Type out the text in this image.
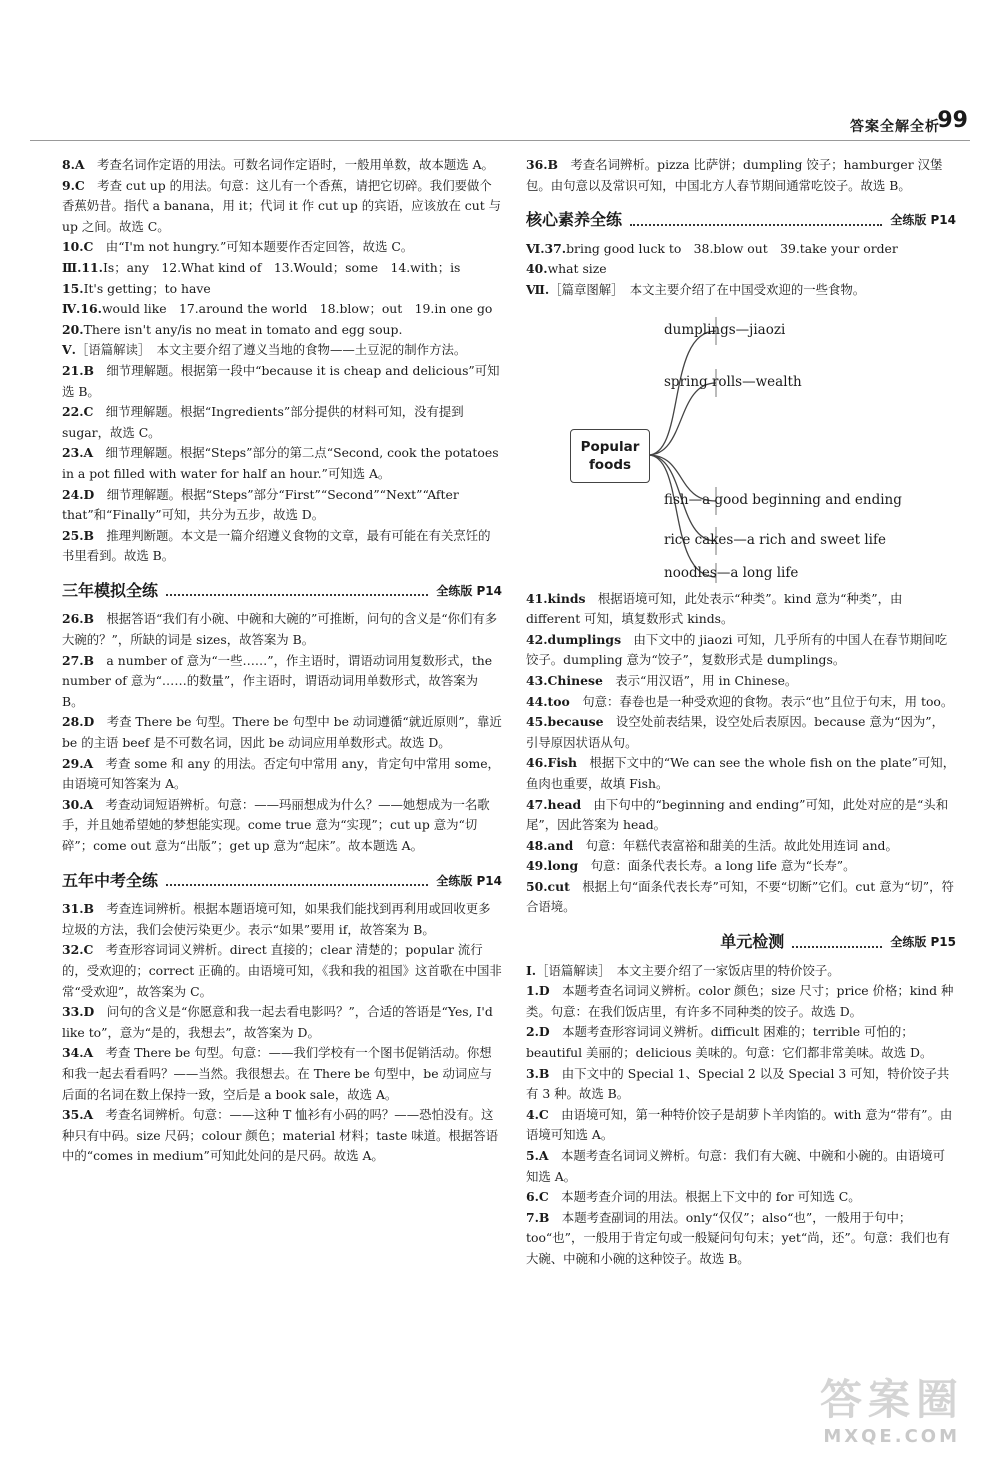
答案全解全析
99

8.A　考查名词作定语的用法。可数名词作定语时，一般用单数，故本题选 A。

9.C　考查 cut up 的用法。句意：这儿有一个香蕉，请把它切碎。我们要做个香蕉奶昔。指代 a banana，用 it；代词 it 作 cut up 的宾语，应该放在 cut 与 up 之间。故选 C。

10.C　由“I'm not hungry.”可知本题要作否定回答，故选 C。

Ⅲ.11.Is；any　12.What kind of　13.Would；some　14.with；is

15.It's getting；to have

Ⅳ.16.would like　17.around the world　18.blow；out　19.in one go

20.There isn't any/is no meat in tomato and egg soup.

Ⅴ.［语篇解读］　本文主要介绍了遵义当地的食物——土豆泥的制作方法。

21.B　细节理解题。根据第一段中“because it is cheap and delicious”可知选 B。

22.C　细节理解题。根据“Ingredients”部分提供的材料可知，没有提到 sugar，故选 C。

23.A　细节理解题。根据“Steps”部分的第二点“Second, cook the potatoes in a pot filled with water for half an hour.”可知选 A。

24.D　细节理解题。根据“Steps”部分“First”“Second”“Next”“After that”和“Finally”可知，共分为五步，故选 D。

25.B　推理判断题。本文是一篇介绍遵义食物的文章，最有可能在有关烹饪的书里看到。故选 B。

三年模拟全练	全练版 P14

26.B　根据答语“我们有小碗、中碗和大碗的”可推断，问句的含义是“你们有多大碗的？”，所缺的词是 sizes，故答案为 B。

27.B　a number of 意为“一些……”，作主语时，谓语动词用复数形式，the number of 意为“……的数量”，作主语时，谓语动词用单数形式，故答案为 B。

28.D　考查 There be 句型。There be 句型中 be 动词遵循“就近原则”，靠近 be 的主语 beef 是不可数名词，因此 be 动词应用单数形式。故选 D。

29.A　考查 some 和 any 的用法。否定句中常用 any，肯定句中常用 some，由语境可知答案为 A。

30.A　考查动词短语辨析。句意：——玛丽想成为什么？——她想成为一名歌手，并且她希望她的梦想能实现。come true 意为“实现”；cut up 意为“切碎”；come out 意为“出版”；get up 意为“起床”。故本题选 A。

五年中考全练	全练版 P14

31.B　考查连词辨析。根据本题语境可知，如果我们能找到再利用或回收更多垃圾的方法，我们会使污染更少。表示“如果”要用 if，故答案为 B。

32.C　考查形容词词义辨析。direct 直接的；clear 清楚的；popular 流行的，受欢迎的；correct 正确的。由语境可知，《我和我的祖国》这首歌在中国非常“受欢迎”，故答案为 C。

33.D　问句的含义是“你愿意和我一起去看电影吗？”，合适的答语是“Yes, I'd like to”，意为“是的，我想去”，故答案为 D。

34.A　考查 There be 句型。句意：——我们学校有一个图书促销活动。你想和我一起去看看吗？——当然。我很想去。在 There be 句型中，be 动词应与后面的名词在数上保持一致，空后是 a book sale，故选 A。

35.A　考查名词辨析。句意：——这种 T 恤衫有小码的吗？——恐怕没有。这种只有中码。size 尺码；colour 颜色；material 材料；taste 味道。根据答语中的“comes in medium”可知此处问的是尺码。故选 A。

36.B　考查名词辨析。pizza 比萨饼；dumpling 饺子；hamburger 汉堡包。由句意以及常识可知，中国北方人春节期间通常吃饺子。故选 B。

核心素养全练	全练版 P14

Ⅵ.37.bring good luck to　38.blow out　39.take your order

40.what size

Ⅶ.［篇章图解］　本文主要介绍了在中国受欢迎的一些食物。

Popular
foods
dumplings—jiaozi
spring rolls—wealth
fish—a good beginning and ending
rice cakes—a rich and sweet life
noodles—a long life

41.kinds　根据语境可知，此处表示“种类”。kind 意为“种类”，由 different 可知，填复数形式 kinds。

42.dumplings　由下文中的 jiaozi 可知，几乎所有的中国人在春节期间吃饺子。dumpling 意为“饺子”，复数形式是 dumplings。

43.Chinese　表示“用汉语”，用 in Chinese。

44.too　句意：春卷也是一种受欢迎的食物。表示“也”且位于句末，用 too。

45.because　设空处前表结果，设空处后表原因。because 意为“因为”，引导原因状语从句。

46.Fish　根据下文中的“We can see the whole fish on the plate”可知，鱼肉也重要，故填 Fish。

47.head　由下句中的“beginning and ending”可知，此处对应的是“头和尾”，因此答案为 head。

48.and　句意：年糕代表富裕和甜美的生活。故此处用连词 and。

49.long　句意：面条代表长寿。a long life 意为“长寿”。

50.cut　根据上句“面条代表长寿”可知，不要“切断”它们。cut 意为“切”，符合语境。

单元检测	全练版 P15

Ⅰ.［语篇解读］　本文主要介绍了一家饭店里的特价饺子。

1.D　本题考查名词词义辨析。color 颜色；size 尺寸；price 价格；kind 种类。句意：在我们饭店里，有许多不同种类的饺子。故选 D。

2.D　本题考查形容词词义辨析。difficult 困难的；terrible 可怕的；beautiful 美丽的；delicious 美味的。句意：它们都非常美味。故选 D。

3.B　由下文中的 Special 1、Special 2 以及 Special 3 可知，特价饺子共有 3 种。故选 B。

4.C　由语境可知，第一种特价饺子是胡萝卜羊肉馅的。with 意为“带有”。由语境可知选 A。

5.A　本题考查名词词义辨析。句意：我们有大碗、中碗和小碗的。由语境可知选 A。

6.C　本题考查介词的用法。根据上下文中的 for 可知选 C。

7.B　本题考查副词的用法。only“仅仅”；also“也”，一般用于句中；too“也”，一般用于肯定句或一般疑问句句末；yet“尚，还”。句意：我们也有大碗、中碗和小碗的这种饺子。故选 B。

答案圈
MXQE.COM
